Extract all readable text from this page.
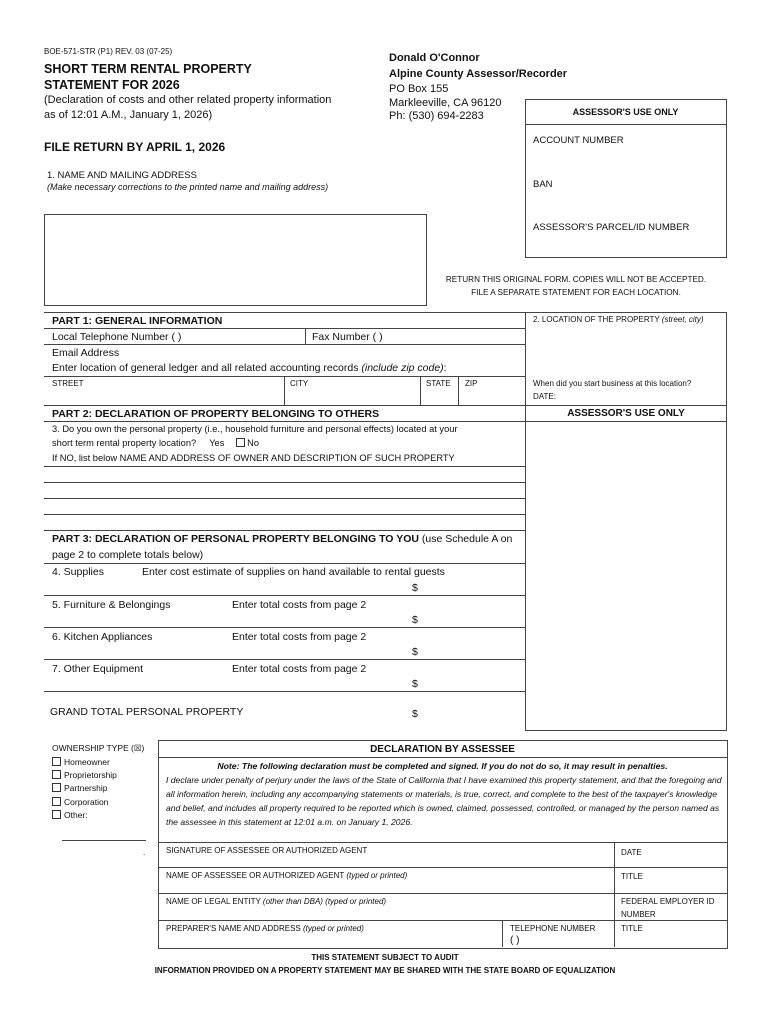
BOE-571-STR (P1) REV. 03 (07-25)
SHORT TERM RENTAL PROPERTY
STATEMENT FOR 2026
(Declaration of costs and other related property information
as of 12:01 A.M., January 1, 2026)
Donald O'Connor
Alpine County Assessor/Recorder
PO Box 155
Markleeville, CA 96120
Ph: (530) 694-2283
FILE RETURN BY APRIL 1, 2026
ASSESSOR'S USE ONLY
ACCOUNT NUMBER
BAN
ASSESSOR'S PARCEL/ID NUMBER
1. NAME AND MAILING ADDRESS
(Make necessary corrections to the printed name and mailing address)
RETURN THIS ORIGINAL FORM. COPIES WILL NOT BE ACCEPTED.
FILE A SEPARATE STATEMENT FOR EACH LOCATION.
PART 1: GENERAL INFORMATION
Local Telephone Number ( )	Fax Number ( )
Email Address
Enter location of general ledger and all related accounting records (include zip code):
STREET	CITY	STATE ZIP
2. LOCATION OF THE PROPERTY (street, city)
When did you start business at this location?
DATE:
PART 2: DECLARATION OF PROPERTY BELONGING TO OTHERS	ASSESSOR'S USE ONLY
3. Do you own the personal property (i.e., household furniture and personal effects) located at your
short term rental property location? Yes No
If NO, list below NAME AND ADDRESS OF OWNER AND DESCRIPTION OF SUCH PROPERTY
PART 3: DECLARATION OF PERSONAL PROPERTY BELONGING TO YOU (use Schedule A on
page 2 to complete totals below)
4. Supplies	Enter cost estimate of supplies on hand available to rental guests
$
5. Furniture & Belongings	Enter total costs from page 2
$
6. Kitchen Appliances	Enter total costs from page 2
$
7. Other Equipment	Enter total costs from page 2
$
GRAND TOTAL PERSONAL PROPERTY	$
OWNERSHIP TYPE (☒)
Homeowner
Proprietorship
Partnership
Corporation
Other:
.
DECLARATION BY ASSESSEE
Note: The following declaration must be completed and signed. If you do not do so, it may result in penalties.
I declare under penalty of perjury under the laws of the State of California that I have examined this property statement, and that the foregoing and all information herein, including any accompanying statements or materials, is true, correct, and complete to the best of the taxpayer's knowledge and belief, and includes all property required to be reported which is owned, claimed, possessed, controlled, or managed by the person named as the assessee in this statement at 12:01 a.m. on January 1, 2026.
SIGNATURE OF ASSESSEE OR AUTHORIZED AGENT	DATE
NAME OF ASSESSEE OR AUTHORIZED AGENT (typed or printed)	TITLE
NAME OF LEGAL ENTITY (other than DBA) (typed or printed)	FEDERAL EMPLOYER ID
NUMBER
PREPARER'S NAME AND ADDRESS (typed or printed)	TELEPHONE NUMBER
( )
TITLE
THIS STATEMENT SUBJECT TO AUDIT
INFORMATION PROVIDED ON A PROPERTY STATEMENT MAY BE SHARED WITH THE STATE BOARD OF EQUALIZATION
